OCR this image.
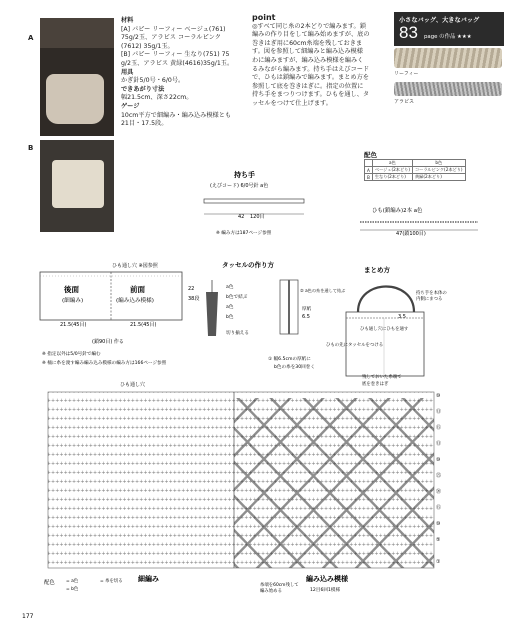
A
B
材料
[A] パピー リーフィー ベージュ(761)
75g/2玉、アラビス コーラルピンク
(7612) 35g/1玉。
[B] パピー リーフィー 生なり(751) 75
g/2玉、アラビス 黄緑(4616)35g/1玉。
用具
かぎ針5/0号・6/0号。
できあがり寸法
幅21.5cm、深さ22cm。
ゲージ
10cm平方で細編み・編み込み模様とも
21目・17.5段。
point
◎すべて同じ糸の2本どりで編みます。鎖
編みの作り目をして編み始めますが、底の
巻きはぎ用に60cm糸端を残しておきま
す。図を参照して細編みと編み込み模様
わに編みますが、編み込み模様を編みく
るみながら編みます。持ち手はえびコード
で、ひもは鎖編みで編みます。まとめ方を
参照して底を巻きはぎに。指定の位置に
持ち手をまつりつけます。ひもを通し、タ
ッセルをつけて仕上げます。
小さなバッグ、大きなバッグ
83 page の作品 ★★★
リーフィー
アラビス
配色
	a色	b色
A	ベージュ(2本どり)	コーラルピンク(2本どり)
B	生なり(2本どり)	黄緑(2本どり)
持ち手
(えびコード) 6/0号針 a色
42 120目
※ 編み方は187ページ参照
ひも(鎖編み)2本 a色
47(鎖100目)
ひも通し穴 ※図参照
後面
(細編み)
前面
(編み込み模様)
22
38段
21.5(45目)	21.5(45目)
(鎖90目) 作る
※ 指定以外は5/0号針で編む
※ 桶に糸を渡す編み編み込み模様の編み方は166ページ参照
タッセルの作り方
a色
b色で結ぶ
a色
b色
切り揃える
厚紙
6.5
① 幅6.5cmの厚紙に
b色の糸を30回巻く
② a色の糸を通して結ぶ
まとめ方
持ち手を本体の
内側にまつる
3.5
ひも通し穴にひもを通す
ひもの先にタッセルをつける
残しておいた糸端で
底を巻きはぎ
ひも通し穴
⑩
⑬
⑮
⑬
⑩
㉕
⑳
⑮
⑩
⑤
①
配色	= a色
= b色
= 糸を切る 細編み	編み込み模様
糸端を60cm残して
編み始める	12目6回1模様
177
